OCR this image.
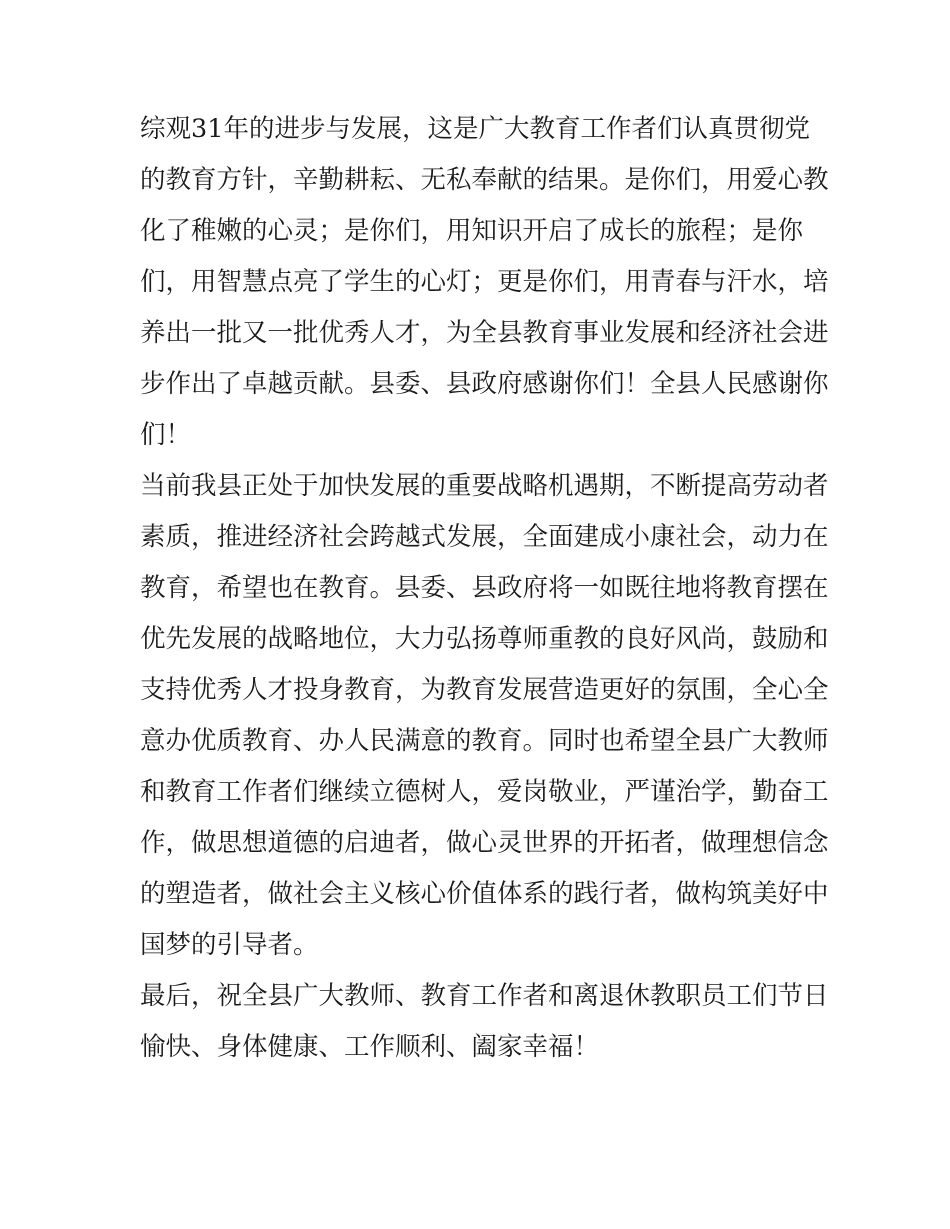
综观31年的进步与发展，这是广大教育工作者们认真贯彻党
的教育方针，辛勤耕耘、无私奉献的结果。是你们，用爱心教
化了稚嫩的心灵；是你们，用知识开启了成长的旅程；是你
们，用智慧点亮了学生的心灯；更是你们，用青春与汗水，培
养出一批又一批优秀人才，为全县教育事业发展和经济社会进
步作出了卓越贡献。县委、县政府感谢你们！全县人民感谢你
们！
当前我县正处于加快发展的重要战略机遇期，不断提高劳动者
素质，推进经济社会跨越式发展，全面建成小康社会，动力在
教育，希望也在教育。县委、县政府将一如既往地将教育摆在
优先发展的战略地位，大力弘扬尊师重教的良好风尚，鼓励和
支持优秀人才投身教育，为教育发展营造更好的氛围，全心全
意办优质教育、办人民满意的教育。同时也希望全县广大教师
和教育工作者们继续立德树人，爱岗敬业，严谨治学，勤奋工
作，做思想道德的启迪者，做心灵世界的开拓者，做理想信念
的塑造者，做社会主义核心价值体系的践行者，做构筑美好中
国梦的引导者。
最后，祝全县广大教师、教育工作者和离退休教职员工们节日
愉快、身体健康、工作顺利、阖家幸福！
